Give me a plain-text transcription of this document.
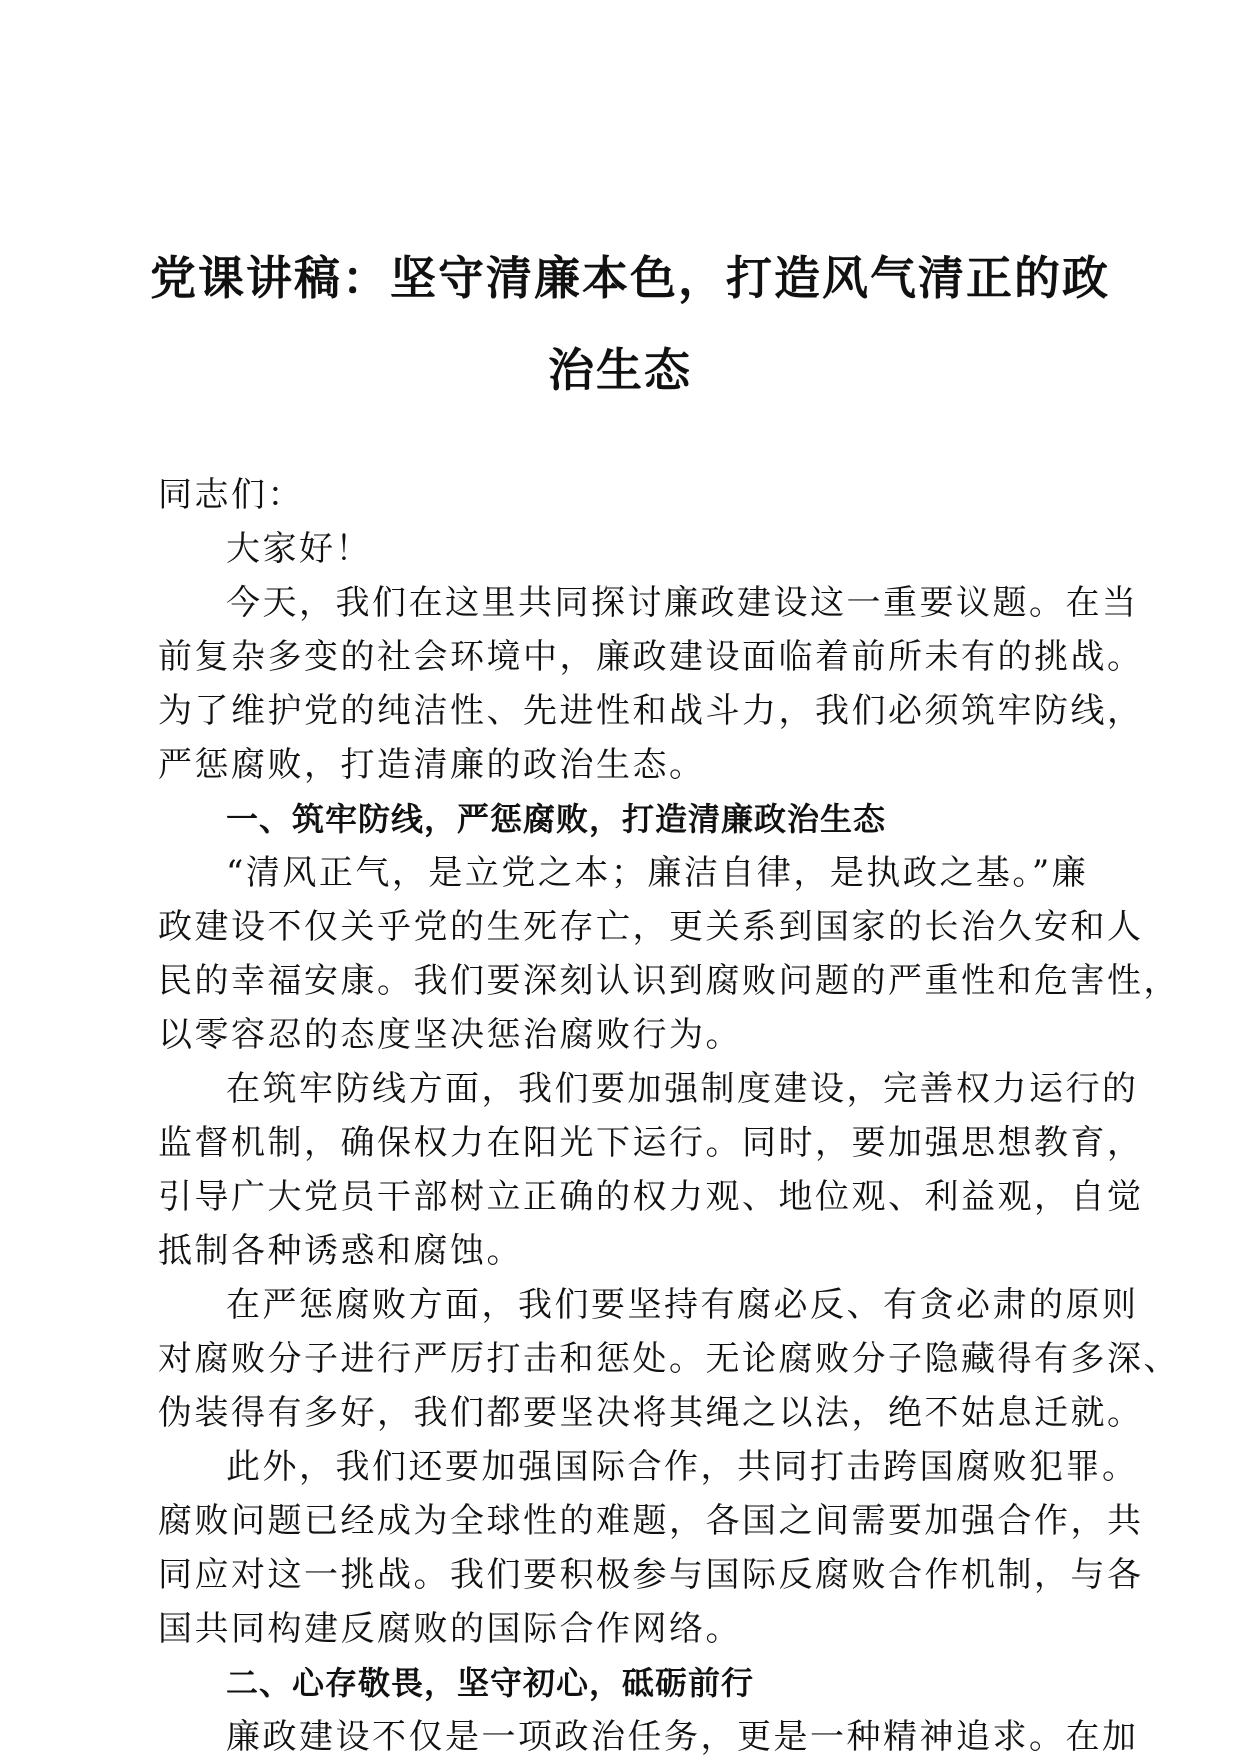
党课讲稿：坚守清廉本色，打造风气清正的政
治生态
同志们：
大家好！
今天，我们在这里共同探讨廉政建设这一重要议题。在当
前复杂多变的社会环境中，廉政建设面临着前所未有的挑战。
为了维护党的纯洁性、先进性和战斗力，我们必须筑牢防线，
严惩腐败，打造清廉的政治生态。
一、筑牢防线，严惩腐败，打造清廉政治生态
“清风正气，是立党之本；廉洁自律，是执政之基。”廉
政建设不仅关乎党的生死存亡，更关系到国家的长治久安和人
民的幸福安康。我们要深刻认识到腐败问题的严重性和危害性，
以零容忍的态度坚决惩治腐败行为。
在筑牢防线方面，我们要加强制度建设，完善权力运行的
监督机制，确保权力在阳光下运行。同时，要加强思想教育，
引导广大党员干部树立正确的权力观、地位观、利益观，自觉
抵制各种诱惑和腐蚀。
在严惩腐败方面，我们要坚持有腐必反、有贪必肃的原则
对腐败分子进行严厉打击和惩处。无论腐败分子隐藏得有多深、
伪装得有多好，我们都要坚决将其绳之以法，绝不姑息迁就。
此外，我们还要加强国际合作，共同打击跨国腐败犯罪。
腐败问题已经成为全球性的难题，各国之间需要加强合作，共
同应对这一挑战。我们要积极参与国际反腐败合作机制，与各
国共同构建反腐败的国际合作网络。
二、心存敬畏，坚守初心，砥砺前行
廉政建设不仅是一项政治任务，更是一种精神追求。在加
